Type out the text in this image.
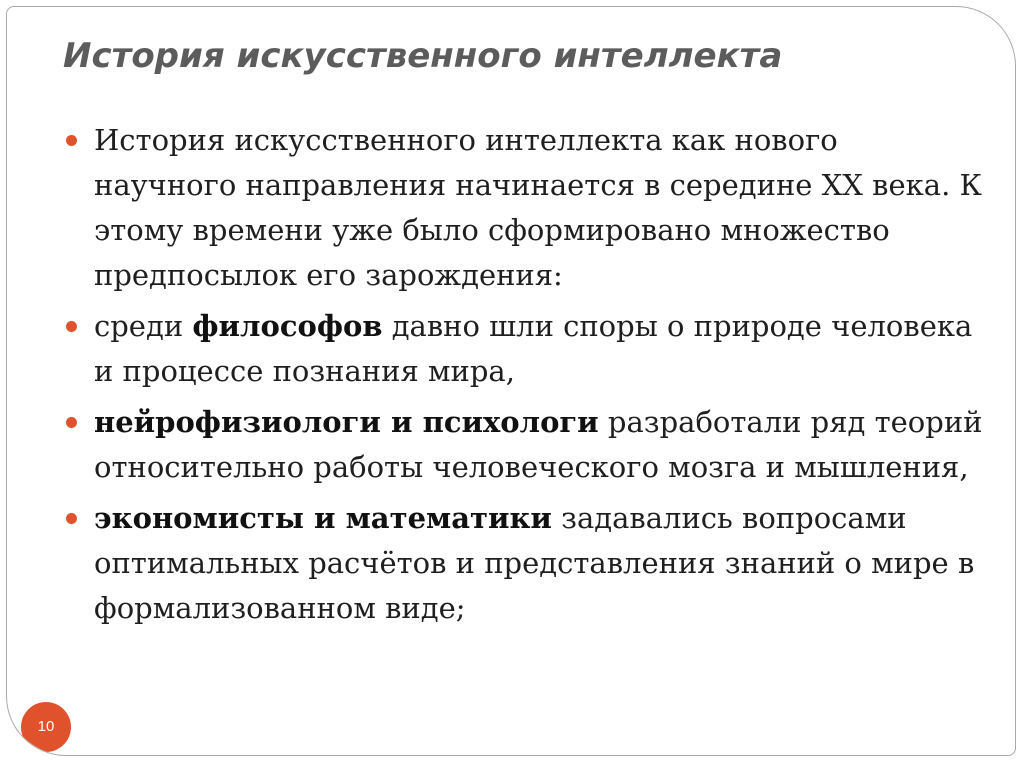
История искусственного интеллекта
История искусственного интеллекта как нового научного направления начинается в середине XX века. К этому времени уже было сформировано множество предпосылок его зарождения:
среди философов давно шли споры о природе человека и процессе познания мира,
нейрофизиологи и психологи разработали ряд теорий относительно работы человеческого мозга и мышления,
экономисты и математики задавались вопросами оптимальных расчётов и представления знаний о мире в формализованном виде;
10
